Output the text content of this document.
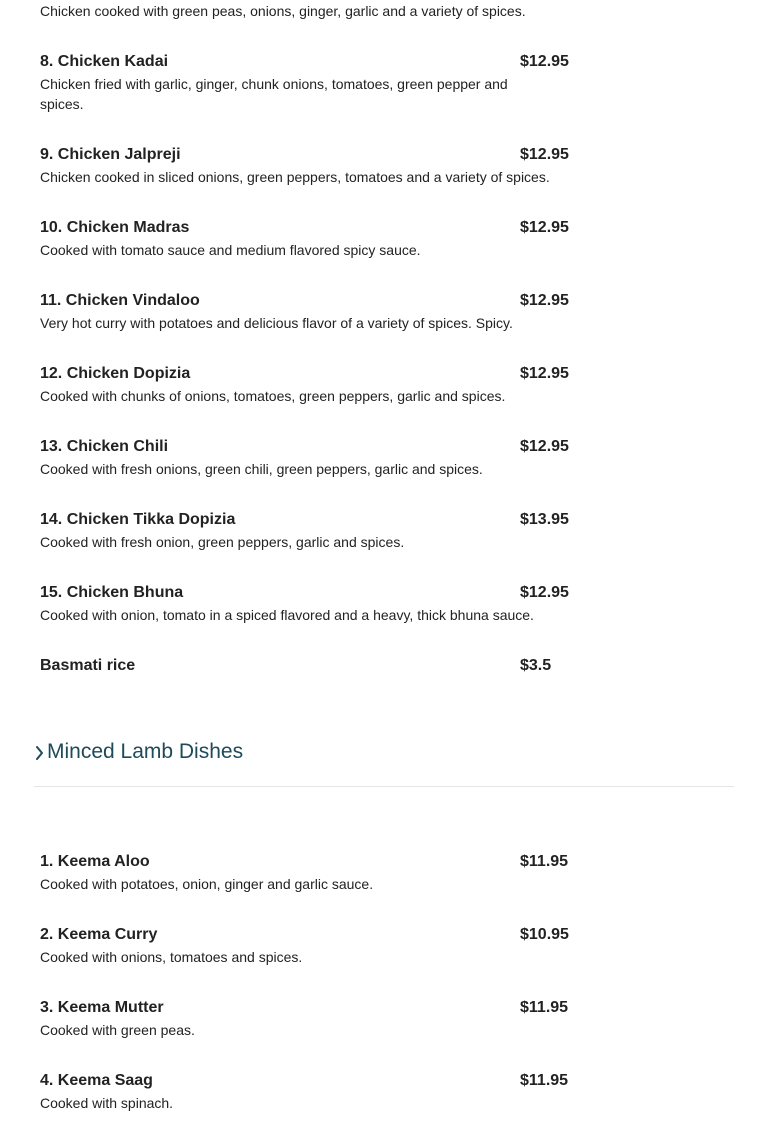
Chicken cooked with green peas, onions, ginger, garlic and a variety of spices.
8. Chicken Kadai	$12.95
Chicken fried with garlic, ginger, chunk onions, tomatoes, green pepper and spices.
9. Chicken Jalpreji	$12.95
Chicken cooked in sliced onions, green peppers, tomatoes and a variety of spices.
10. Chicken Madras	$12.95
Cooked with tomato sauce and medium flavored spicy sauce.
11. Chicken Vindaloo	$12.95
Very hot curry with potatoes and delicious flavor of a variety of spices. Spicy.
12. Chicken Dopizia	$12.95
Cooked with chunks of onions, tomatoes, green peppers, garlic and spices.
13. Chicken Chili	$12.95
Cooked with fresh onions, green chili, green peppers, garlic and spices.
14. Chicken Tikka Dopizia	$13.95
Cooked with fresh onion, green peppers, garlic and spices.
15. Chicken Bhuna	$12.95
Cooked with onion, tomato in a spiced flavored and a heavy, thick bhuna sauce.
Basmati rice	$3.5
Minced Lamb Dishes
1. Keema Aloo	$11.95
Cooked with potatoes, onion, ginger and garlic sauce.
2. Keema Curry	$10.95
Cooked with onions, tomatoes and spices.
3. Keema Mutter	$11.95
Cooked with green peas.
4. Keema Saag	$11.95
Cooked with spinach.
